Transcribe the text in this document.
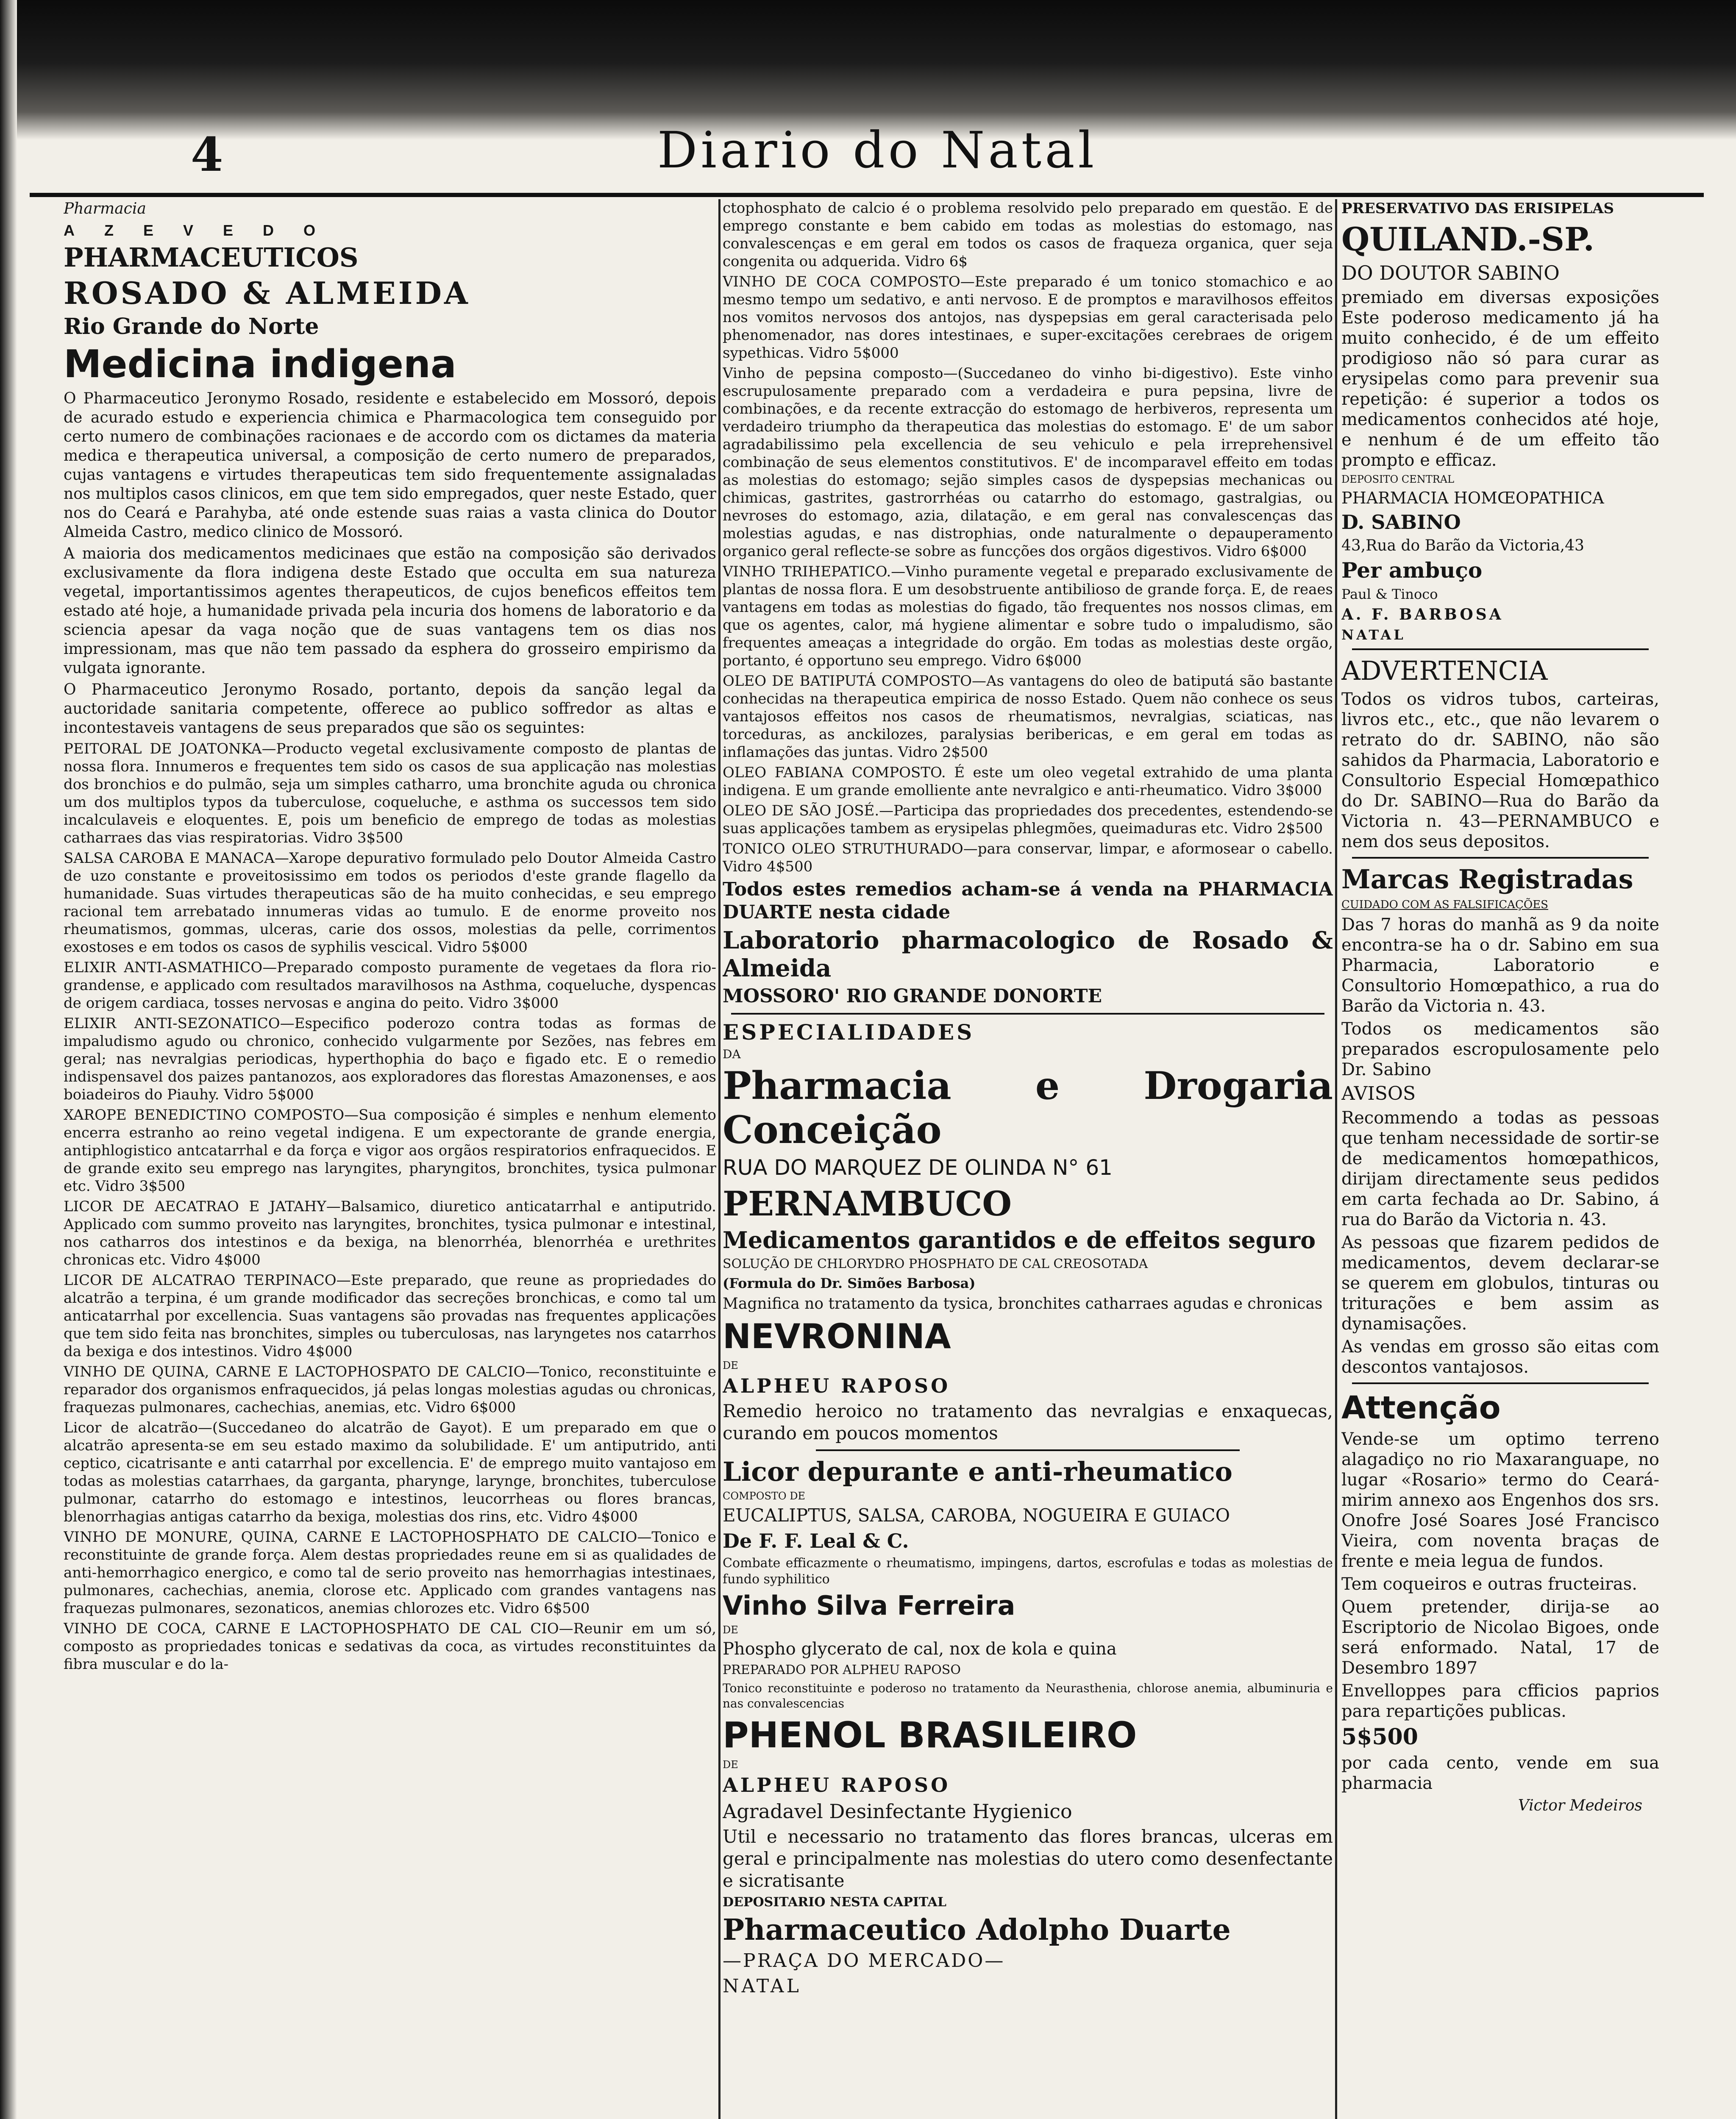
4	Diario do Natal

Pharmacia

AZEVEDO

PHARMACEUTICOS

ROSADO & ALMEIDA

Rio Grande do Norte

Medicina indigena

O Pharmaceutico Jeronymo Rosado, residente e estabelecido em Mossoró, depois de acurado estudo e experiencia chimica e Pharmacologica tem conseguido por certo numero de combinações racionaes e de accordo com os dictames da materia medica e therapeutica universal, a composição de certo numero de preparados, cujas vantagens e virtudes therapeuticas tem sido frequentemente assignaladas nos multiplos casos clinicos, em que tem sido empregados, quer neste Estado, quer nos do Ceará e Parahyba, até onde estende suas raias a vasta clinica do Doutor Almeida Castro, medico clinico de Mossoró.

A maioria dos medicamentos medicinaes que estão na composição são derivados exclusivamente da flora indigena deste Estado que occulta em sua natureza vegetal, importantissimos agentes therapeuticos, de cujos beneficos effeitos tem estado até hoje, a humanidade privada pela incuria dos homens de laboratorio e da sciencia apesar da vaga noção que de suas vantagens tem os dias nos impressionam, mas que não tem passado da esphera do grosseiro empirismo da vulgata ignorante.

O Pharmaceutico Jeronymo Rosado, portanto, depois da sanção legal da auctoridade sanitaria competente, offerece ao publico soffredor as altas e incontestaveis vantagens de seus preparados que são os seguintes:

PEITORAL DE JOATONKA—Producto vegetal exclusivamente composto de plantas de nossa flora. Innumeros e frequentes tem sido os casos de sua applicação nas molestias dos bronchios e do pulmão, seja um simples catharro, uma bronchite aguda ou chronica um dos multiplos typos da tuberculose, coqueluche, e asthma os successos tem sido incalculaveis e eloquentes. E, pois um beneficio de emprego de todas as molestias catharraes das vias respiratorias. Vidro 3$500

SALSA CAROBA E MANACA—Xarope depurativo formulado pelo Doutor Almeida Castro de uzo constante e proveitosissimo em todos os periodos d'este grande flagello da humanidade. Suas virtudes therapeuticas são de ha muito conhecidas, e seu emprego racional tem arrebatado innumeras vidas ao tumulo. E de enorme proveito nos rheumatismos, gommas, ulceras, carie dos ossos, molestias da pelle, corrimentos exostoses e em todos os casos de syphilis vescical. Vidro 5$000

ELIXIR ANTI-ASMATHICO—Preparado composto puramente de vegetaes da flora rio-grandense, e applicado com resultados maravilhosos na Asthma, coqueluche, dyspencas de origem cardiaca, tosses nervosas e angina do peito. Vidro 3$000

ELIXIR ANTI-SEZONATICO—Especifico poderozo contra todas as formas de impaludismo agudo ou chronico, conhecido vulgarmente por Sezões, nas febres em geral; nas nevralgias periodicas, hyperthophia do baço e figado etc. E o remedio indispensavel dos paizes pantanozos, aos exploradores das florestas Amazonenses, e aos boiadeiros do Piauhy. Vidro 5$000

XAROPE BENEDICTINO COMPOSTO—Sua composição é simples e nenhum elemento encerra estranho ao reino vegetal indigena. E um expectorante de grande energia, antiphlogistico antcatarrhal e da força e vigor aos orgãos respiratorios enfraquecidos. E de grande exito seu emprego nas laryngites, pharyngitos, bronchites, tysica pulmonar etc. Vidro 3$500

LICOR DE AECATRAO E JATAHY—Balsamico, diuretico anticatarrhal e antiputrido. Applicado com summo proveito nas laryngites, bronchites, tysica pulmonar e intestinal, nos catharros dos intestinos e da bexiga, na blenorrhéa, blenorrhéa e urethrites chronicas etc. Vidro 4$000

LICOR DE ALCATRAO TERPINACO—Este preparado, que reune as propriedades do alcatrão a terpina, é um grande modificador das secreções bronchicas, e como tal um anticatarrhal por excellencia. Suas vantagens são provadas nas frequentes applicações que tem sido feita nas bronchites, simples ou tuberculosas, nas laryngetes nos catarrhos da bexiga e dos intestinos. Vidro 4$000

VINHO DE QUINA, CARNE E LACTOPHOSPATO DE CALCIO—Tonico, reconstituinte e reparador dos organismos enfraquecidos, já pelas longas molestias agudas ou chronicas, fraquezas pulmonares, cachechias, anemias, etc. Vidro 6$000

Licor de alcatrão—(Succedaneo do alcatrão de Gayot). E um preparado em que o alcatrão apresenta-se em seu estado maximo da solubilidade. E' um antiputrido, anti ceptico, cicatrisante e anti catarrhal por excellencia. E' de emprego muito vantajoso em todas as molestias catarrhaes, da garganta, pharynge, larynge, bronchites, tuberculose pulmonar, catarrho do estomago e intestinos, leucorrheas ou flores brancas, blenorrhagias antigas catarrho da bexiga, molestias dos rins, etc. Vidro 4$000

VINHO DE MONURE, QUINA, CARNE E LACTOPHOSPHATO DE CALCIO—Tonico e reconstituinte de grande força. Alem destas propriedades reune em si as qualidades de anti-hemorrhagico energico, e como tal de serio proveito nas hemorrhagias intestinaes, pulmonares, cachechias, anemia, clorose etc. Applicado com grandes vantagens nas fraquezas pulmonares, sezonaticos, anemias chlorozes etc. Vidro 6$500

VINHO DE COCA, CARNE E LACTOPHOSPHATO DE CAL CIO—Reunir em um só, composto as propriedades tonicas e sedativas da coca, as virtudes reconstituintes da fibra muscular e do la-

ctophosphato de calcio é o problema resolvido pelo preparado em questão. E de emprego constante e bem cabido em todas as molestias do estomago, nas convalescenças e em geral em todos os casos de fraqueza organica, quer seja congenita ou adquerida. Vidro 6$

VINHO DE COCA COMPOSTO—Este preparado é um tonico stomachico e ao mesmo tempo um sedativo, e anti nervoso. E de promptos e maravilhosos effeitos nos vomitos nervosos dos antojos, nas dyspepsias em geral caracterisada pelo phenomenador, nas dores intestinaes, e super-excitações cerebraes de origem sypethicas. Vidro 5$000

Vinho de pepsina composto—(Succedaneo do vinho bi-digestivo). Este vinho escrupulosamente preparado com a verdadeira e pura pepsina, livre de combinações, e da recente extracção do estomago de herbiveros, representa um verdadeiro triumpho da therapeutica das molestias do estomago. E' de um sabor agradabilissimo pela excellencia de seu vehiculo e pela irreprehensivel combinação de seus elementos constitutivos. E' de incomparavel effeito em todas as molestias do estomago; sejão simples casos de dyspepsias mechanicas ou chimicas, gastrites, gastrorrhéas ou catarrho do estomago, gastralgias, ou nevroses do estomago, azia, dilatação, e em geral nas convalescenças das molestias agudas, e nas distrophias, onde naturalmente o depauperamento organico geral reflecte-se sobre as funcções dos orgãos digestivos. Vidro 6$000

VINHO TRIHEPATICO.—Vinho puramente vegetal e preparado exclusivamente de plantas de nossa flora. E um desobstruente antibilioso de grande força. E, de reaes vantagens em todas as molestias do figado, tão frequentes nos nossos climas, em que os agentes, calor, má hygiene alimentar e sobre tudo o impaludismo, são frequentes ameaças a integridade do orgão. Em todas as molestias deste orgão, portanto, é opportuno seu emprego. Vidro 6$000

OLEO DE BATIPUTÁ COMPOSTO—As vantagens do oleo de batiputá são bastante conhecidas na therapeutica empirica de nosso Estado. Quem não conhece os seus vantajosos effeitos nos casos de rheumatismos, nevralgias, sciaticas, nas torceduras, as anckilozes, paralysias beribericas, e em geral em todas as inflamações das juntas. Vidro 2$500

OLEO FABIANA COMPOSTO. É este um oleo vegetal extrahido de uma planta indigena. E um grande emolliente ante nevralgico e anti-rheumatico. Vidro 3$000

OLEO DE SÃO JOSÉ.—Participa das propriedades dos precedentes, estendendo-se suas applicações tambem as erysipelas phlegmões, queimaduras etc. Vidro 2$500

TONICO OLEO STRUTHURADO—para conservar, limpar, e aformosear o cabello. Vidro 4$500

Todos estes remedios acham-se á venda na PHARMACIA DUARTE nesta cidade

Laboratorio pharmacologico de Rosado & Almeida

MOSSORO' RIO GRANDE DONORTE

ESPECIALIDADES

DA

Pharmacia e Drogaria Conceição

RUA DO MARQUEZ DE OLINDA N° 61

PERNAMBUCO

Medicamentos garantidos e de effeitos seguro

SOLUÇÃO DE CHLORYDRO PHOSPHATO DE CAL CREOSOTADA

(Formula do Dr. Simões Barbosa)

Magnifica no tratamento da tysica, bronchites catharraes agudas e chronicas

NEVRONINA

DE

ALPHEU RAPOSO

Remedio heroico no tratamento das nevralgias e enxaquecas, curando em poucos momentos

Licor depurante e anti-rheumatico

COMPOSTO DE

EUCALIPTUS, SALSA, CAROBA, NOGUEIRA E GUIACO

De F. F. Leal & C.

Combate efficazmente o rheumatismo, impingens, dartos, escrofulas e todas as molestias de fundo syphilitico

Vinho Silva Ferreira

DE

Phospho glycerato de cal, nox de kola e quina

PREPARADO POR ALPHEU RAPOSO

Tonico reconstituinte e poderoso no tratamento da Neurasthenia, chlorose anemia, albuminuria e nas convalescencias

PHENOL BRASILEIRO

DE

ALPHEU RAPOSO

Agradavel Desinfectante Hygienico

Util e necessario no tratamento das flores brancas, ulceras em geral e principalmente nas molestias do utero como desenfectante e sicratisante

DEPOSITARIO NESTA CAPITAL

Pharmaceutico Adolpho Duarte

—PRAÇA DO MERCADO—

NATAL

PRESERVATIVO DAS ERISIPELAS

QUILAND.-SP.

DO DOUTOR SABINO

premiado em diversas exposições Este poderoso medicamento já ha muito conhecido, é de um effeito prodigioso não só para curar as erysipelas como para prevenir sua repetição: é superior a todos os medicamentos conhecidos até hoje, e nenhum é de um effeito tão prompto e efficaz.

DEPOSITO CENTRAL

PHARMACIA HOMŒOPATHICA

D. SABINO

43,Rua do Barão da Victoria,43

Per ambuço

Paul & Tinoco

A. F. BARBOSA

NATAL

ADVERTENCIA

Todos os vidros tubos, carteiras, livros etc., etc., que não levarem o retrato do dr. SABINO, não são sahidos da Pharmacia, Laboratorio e Consultorio Especial Homœpathico do Dr. SABINO—Rua do Barão da Victoria n. 43—PERNAMBUCO e nem dos seus depositos.

Marcas Registradas

CUIDADO COM AS FALSIFICAÇÕES

Das 7 horas do manhã as 9 da noite encontra-se ha o dr. Sabino em sua Pharmacia, Laboratorio e Consultorio Homœpathico, a rua do Barão da Victoria n. 43.

Todos os medicamentos são preparados escropulosamente pelo Dr. Sabino

AVISOS

Recommendo a todas as pessoas que tenham necessidade de sortir-se de medicamentos homœpathicos, dirijam directamente seus pedidos em carta fechada ao Dr. Sabino, á rua do Barão da Victoria n. 43.

As pessoas que fizarem pedidos de medicamentos, devem declarar-se se querem em globulos, tinturas ou triturações e bem assim as dynamisações.

As vendas em grosso são eitas com descontos vantajosos.

Attenção

Vende-se um optimo terreno alagadiço no rio Maxaranguape, no lugar «Rosario» termo do Ceará-mirim annexo aos Engenhos dos srs. Onofre José Soares José Francisco Vieira, com noventa braças de frente e meia legua de fundos.

Tem coqueiros e outras fructeiras.

Quem pretender, dirija-se ao Escriptorio de Nicolao Bigoes, onde será enformado. Natal, 17 de Desembro 1897

Envelloppes para cfficios paprios para repartições publicas.

5$500

por cada cento, vende em sua pharmacia

Victor Medeiros
